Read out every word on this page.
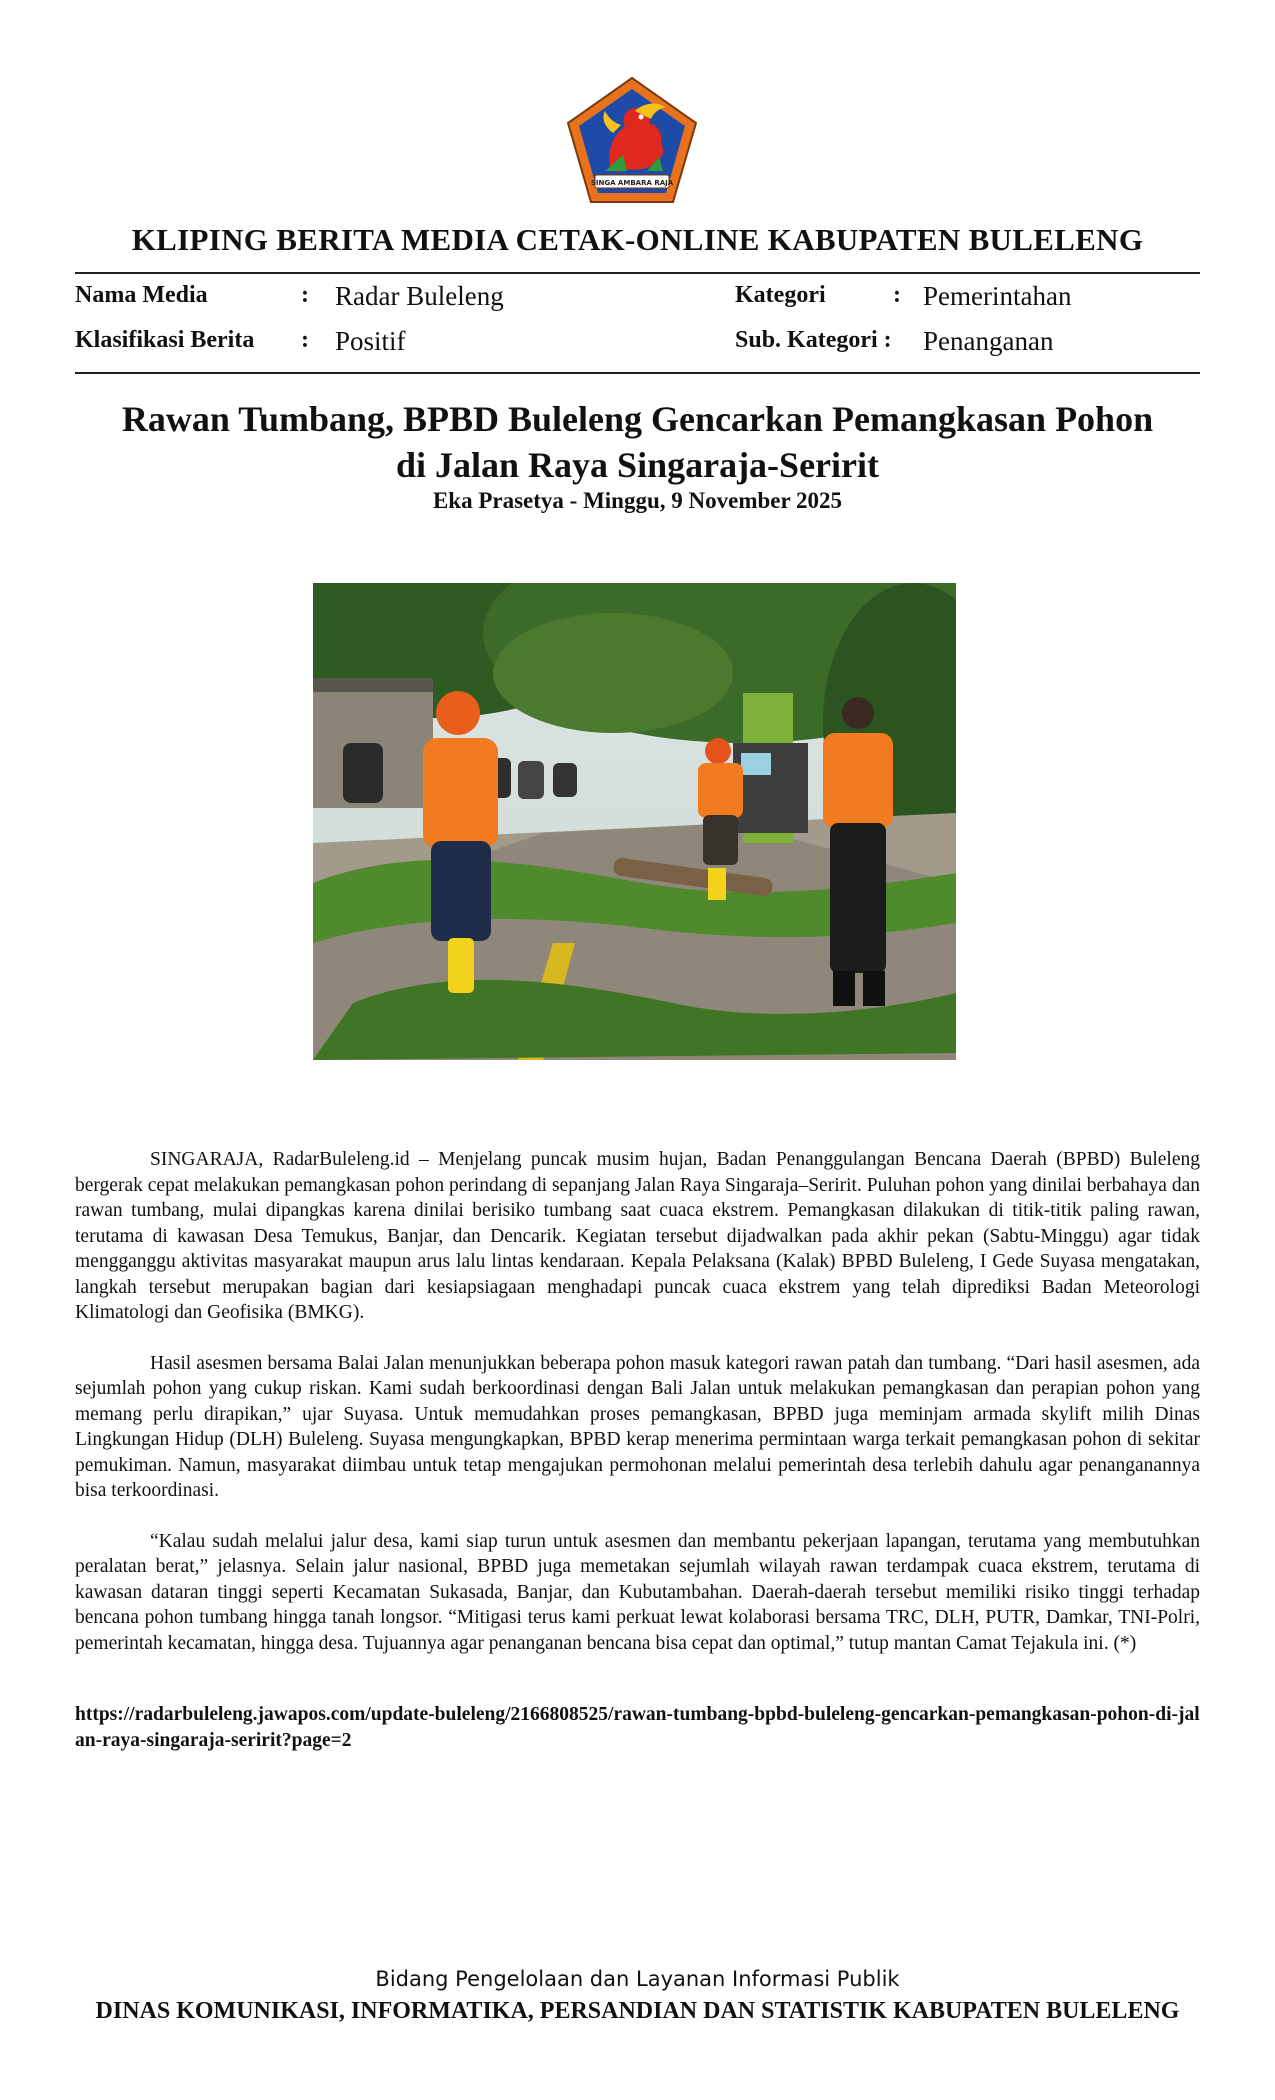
SINGA AMBARA RAJA
KLIPING BERITA MEDIA CETAK-ONLINE KABUPATEN BULELENG
Nama Media	: Radar Buleleng	Kategori	: Pemerintahan
Klasifikasi Berita : Positif	Sub. Kategori : Penanganan
Rawan Tumbang, BPBD Buleleng Gencarkan Pemangkasan Pohon
di Jalan Raya Singaraja-Seririt
Eka Prasetya - Minggu, 9 November 2025

SINGARAJA, RadarBuleleng.id – Menjelang puncak musim hujan, Badan Penanggulangan Bencana Daerah (BPBD) Buleleng bergerak cepat melakukan pemangkasan pohon perindang di sepanjang Jalan Raya Singaraja–Seririt. Puluhan pohon yang dinilai berbahaya dan rawan tumbang, mulai dipangkas karena dinilai berisiko tumbang saat cuaca ekstrem. Pemangkasan dilakukan di titik-titik paling rawan, terutama di kawasan Desa Temukus, Banjar, dan Dencarik. Kegiatan tersebut dijadwalkan pada akhir pekan (Sabtu-Minggu) agar tidak mengganggu aktivitas masyarakat maupun arus lalu lintas kendaraan. Kepala Pelaksana (Kalak) BPBD Buleleng, I Gede Suyasa mengatakan, langkah tersebut merupakan bagian dari kesiapsiagaan menghadapi puncak cuaca ekstrem yang telah diprediksi Badan Meteorologi Klimatologi dan Geofisika (BMKG).

Hasil asesmen bersama Balai Jalan menunjukkan beberapa pohon masuk kategori rawan patah dan tumbang. “Dari hasil asesmen, ada sejumlah pohon yang cukup riskan. Kami sudah berkoordinasi dengan Bali Jalan untuk melakukan pemangkasan dan perapian pohon yang memang perlu dirapikan,” ujar Suyasa. Untuk memudahkan proses pemangkasan, BPBD juga meminjam armada skylift milih Dinas Lingkungan Hidup (DLH) Buleleng. Suyasa mengungkapkan, BPBD kerap menerima permintaan warga terkait pemangkasan pohon di sekitar pemukiman. Namun, masyarakat diimbau untuk tetap mengajukan permohonan melalui pemerintah desa terlebih dahulu agar penanganannya bisa terkoordinasi.

“Kalau sudah melalui jalur desa, kami siap turun untuk asesmen dan membantu pekerjaan lapangan, terutama yang membutuhkan peralatan berat,” jelasnya. Selain jalur nasional, BPBD juga memetakan sejumlah wilayah rawan terdampak cuaca ekstrem, terutama di kawasan dataran tinggi seperti Kecamatan Sukasada, Banjar, dan Kubutambahan. Daerah-daerah tersebut memiliki risiko tinggi terhadap bencana pohon tumbang hingga tanah longsor. “Mitigasi terus kami perkuat lewat kolaborasi bersama TRC, DLH, PUTR, Damkar, TNI-Polri, pemerintah kecamatan, hingga desa. Tujuannya agar penanganan bencana bisa cepat dan optimal,” tutup mantan Camat Tejakula ini. (*)

https://radarbuleleng.jawapos.com/update-buleleng/2166808525/rawan-tumbang-bpbd-buleleng-gencarkan-pemangkasan-pohon-di-jalan-raya-singaraja-seririt?page=2
Bidang Pengelolaan dan Layanan Informasi Publik
DINAS KOMUNIKASI, INFORMATIKA, PERSANDIAN DAN STATISTIK KABUPATEN BULELENG
